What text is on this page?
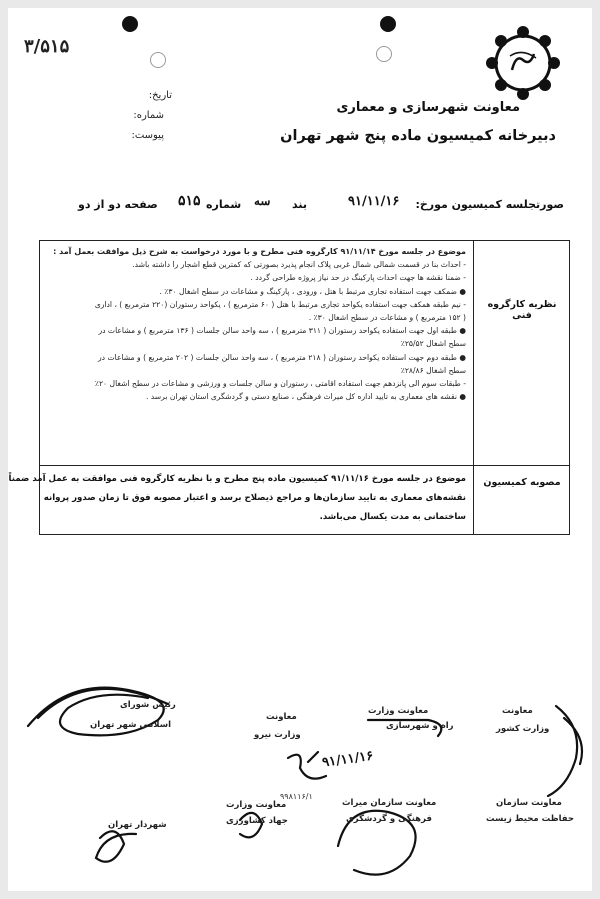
۳/۵۱۵
تاریخ:
شماره:
پیوست:
معاونت شهرسازی و معماری
دبیرخانه کمیسیون ماده پنج شهر تهران
صورتجلسه کمیسیون مورخ:
۹۱/۱۱/۱۶
بند
سه
شماره
۵۱۵
صفحه دو از دو
نظریه کارگروه فنی
مصوبه کمیسیون
موضوع در جلسه مورخ ۹۱/۱۱/۱۴ کارگروه فنی مطرح و با مورد درخواست به شرح ذیل موافقت بعمل آمد :
- احداث بنا در قسمت شمالی شمال غربی پلاک انجام پذیرد بصورتی که کمترین قطع اشجار را داشته باشد.
- ضمنا نقشه ها جهت احداث پارکینگ در حد نیاز پروژه طراحی گردد .
● ضمکف جهت استفاده تجاری مرتبط با هتل ، ورودی ، پارکینگ و مشاعات در سطح اشغال ۳۰٪ .
- نیم طبقه همکف جهت استفاده یکواحد تجاری مرتبط با هتل ( ۶۰ مترمربع ) ، یکواحد رستوران (۲۲۰ مترمربع ) ، اداری
( ۱۵۲ مترمربع ) و مشاعات در سطح اشغال ۳۰٪ .
● طبقه اول جهت استفاده یکواحد رستوران ( ۳۱۱ مترمربع ) ، سه واحد سالن جلسات ( ۱۳۶ مترمربع ) و مشاعات در
سطح اشغال ۲۵/۵۲٪
● طبقه دوم جهت استفاده یکواحد رستوران ( ۲۱۸ مترمربع ) ، سه واحد سالن جلسات ( ۲۰۲ مترمربع ) و مشاعات در
سطح اشغال ۲۸/۸۶٪
- طبقات سوم الی پانزدهم جهت استفاده اقامتی ، رستوران و سالن جلسات و ورزشی و مشاعات در سطح اشغال ۲۰٪
● نقشه های معماری به تایید اداره کل میراث فرهنگی ، صنایع دستی و گردشگری استان تهران برسد .
موضوع در جلسه مورخ ۹۱/۱۱/۱۶ کمیسیون ماده پنج مطرح و با نظریه کارگروه فنی موافقت به عمل آمد ضمناً
نقشه‌های معماری به تایید سازمان‌ها و مراجع ذیصلاح برسد و اعتبار مصوبه فوق تا زمان صدور پروانه
ساختمانی به مدت یکسال می‌باشد.
رئیس شورای
اسلامی شهر تهران
معاونت
وزارت نیرو
معاونت وزارت
راه و شهرسازی
معاونت
وزارت کشور
شهردار تهران
معاونت وزارت
جهاد کشاورزی
معاونت سازمان میراث
فرهنگی و گردشگری
معاونت سازمان
حفاظت محیط زیست
۹۱/۱۱/۱۶
۹۹۸۱۱۶/۱
